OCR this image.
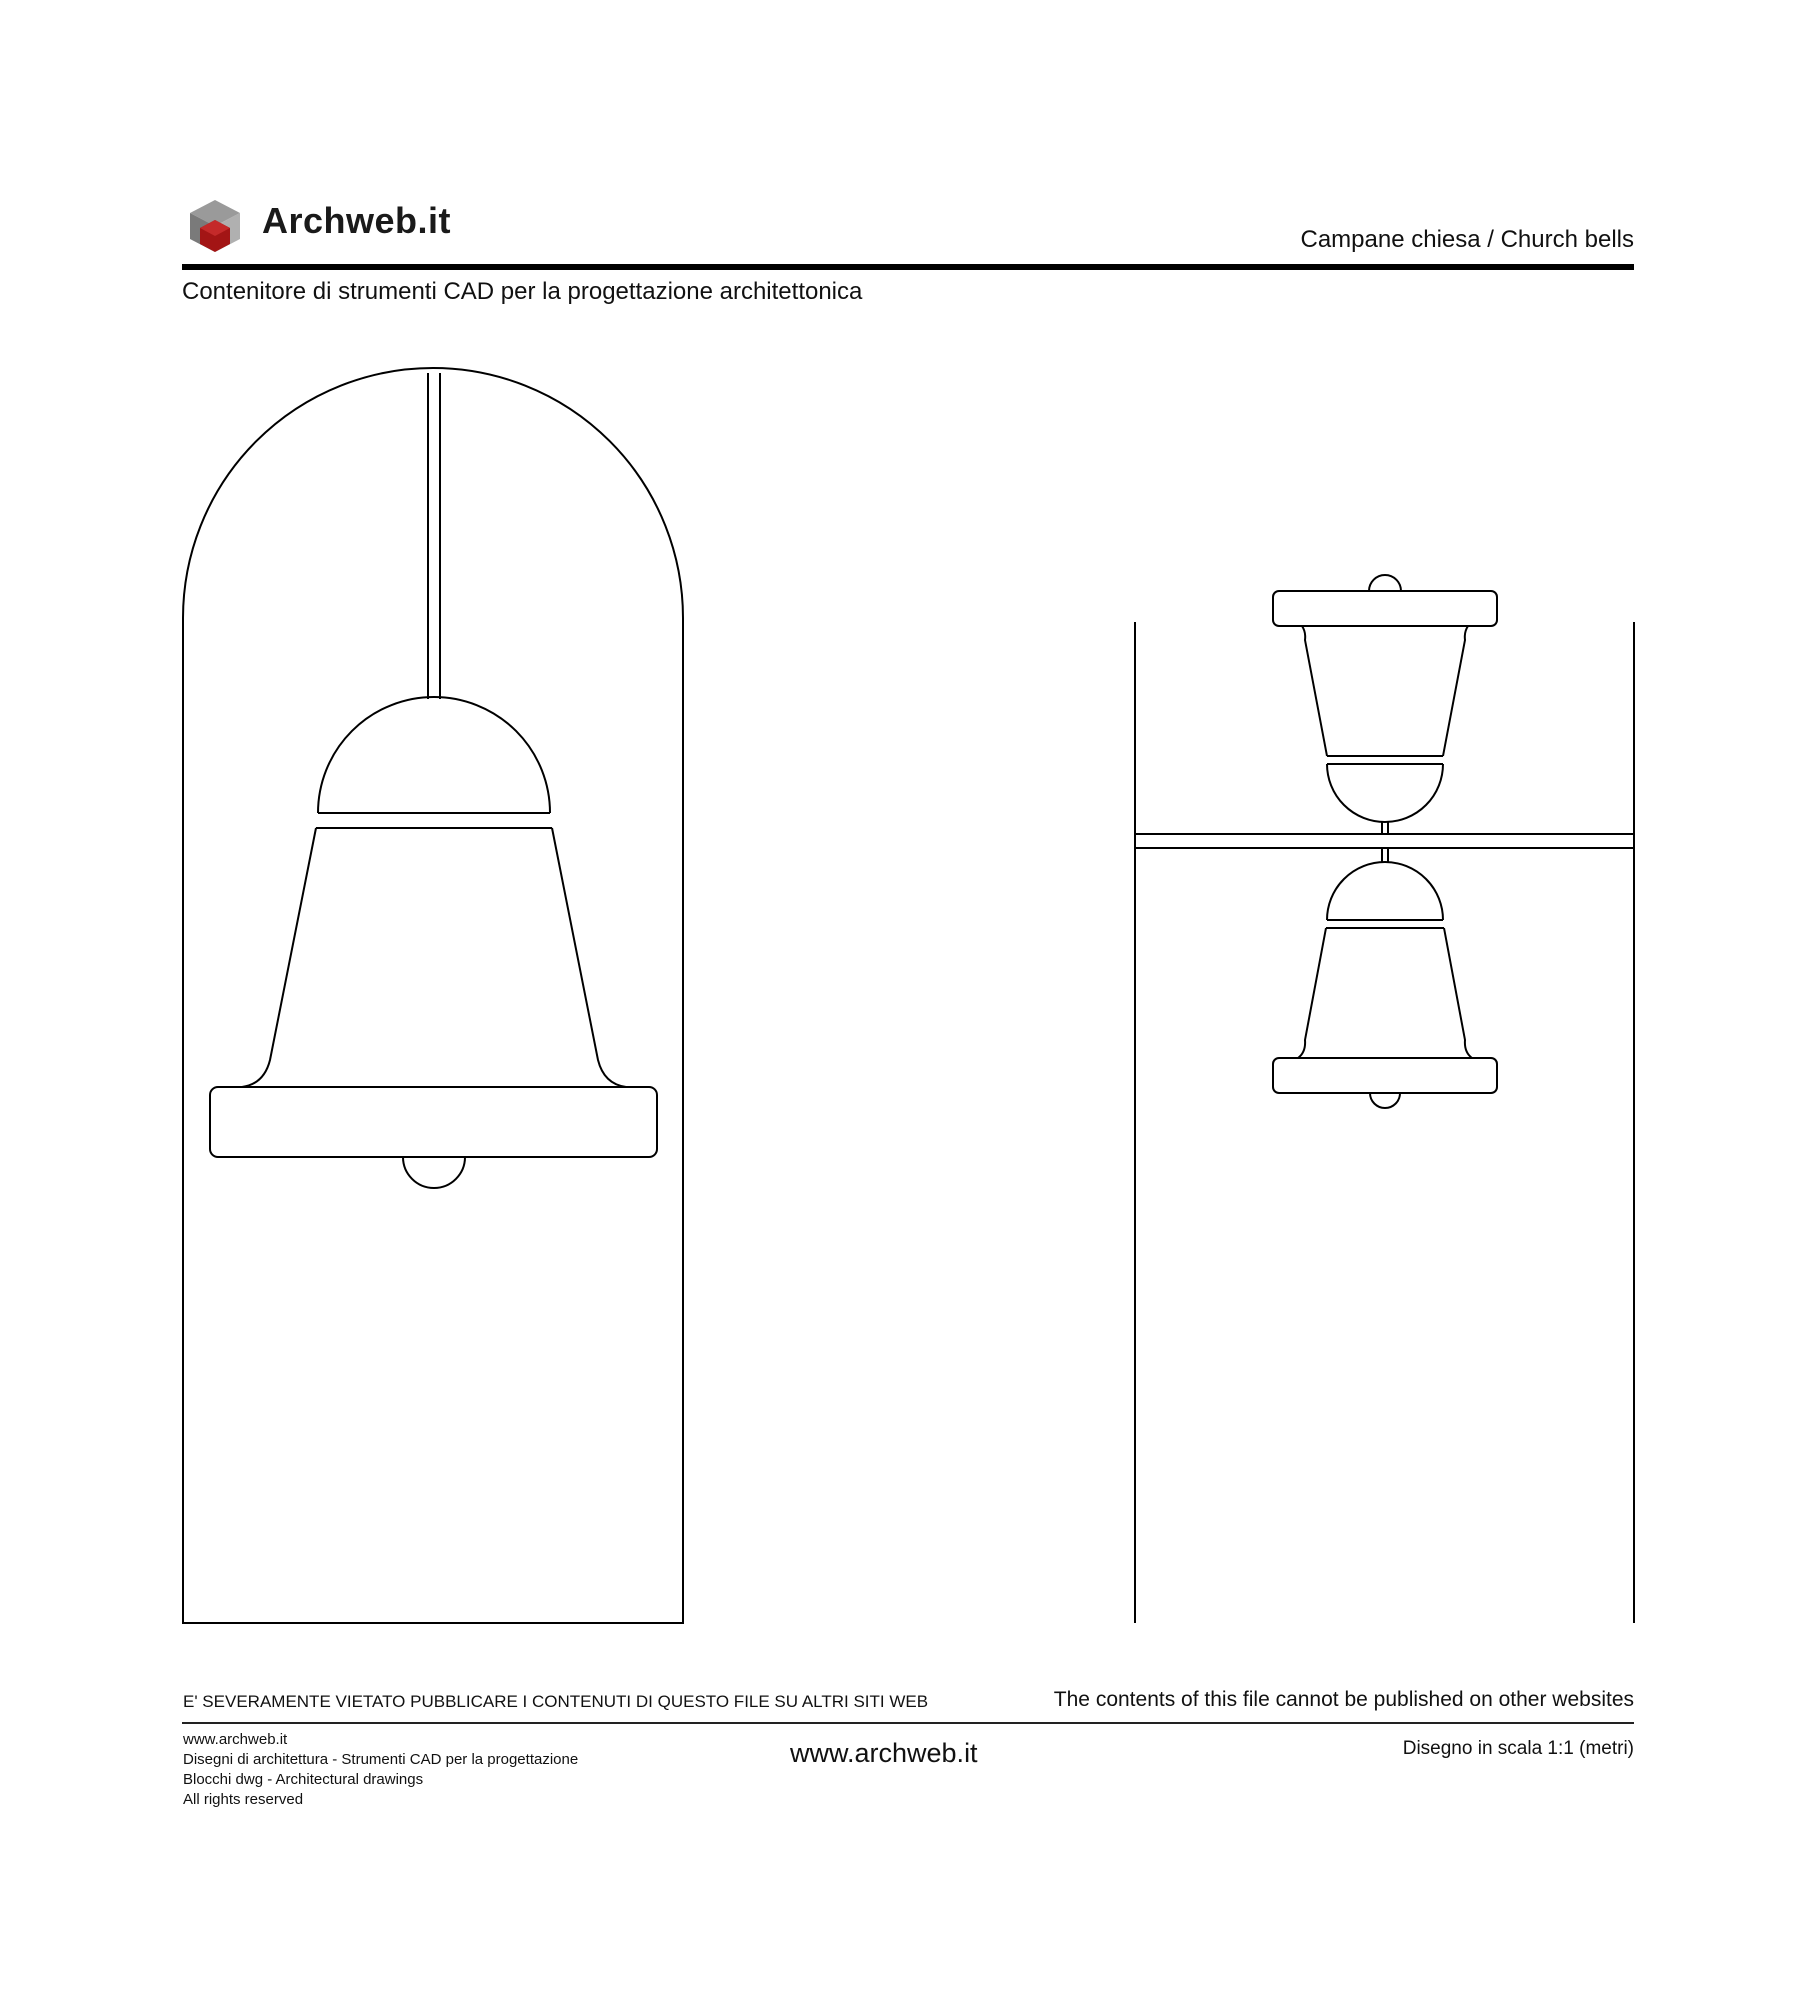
Archweb.it	Campane chiesa / Church bells
Contenitore di strumenti CAD per la progettazione architettonica
E' SEVERAMENTE VIETATO PUBBLICARE I CONTENUTI DI QUESTO FILE SU ALTRI SITI WEB	The contents of this file cannot be published on other websites
www.archweb.it
Disegni di architettura - Strumenti CAD per la progettazione
Blocchi dwg - Architectural drawings
All rights reserved
www.archweb.it	Disegno in scala 1:1 (metri)
